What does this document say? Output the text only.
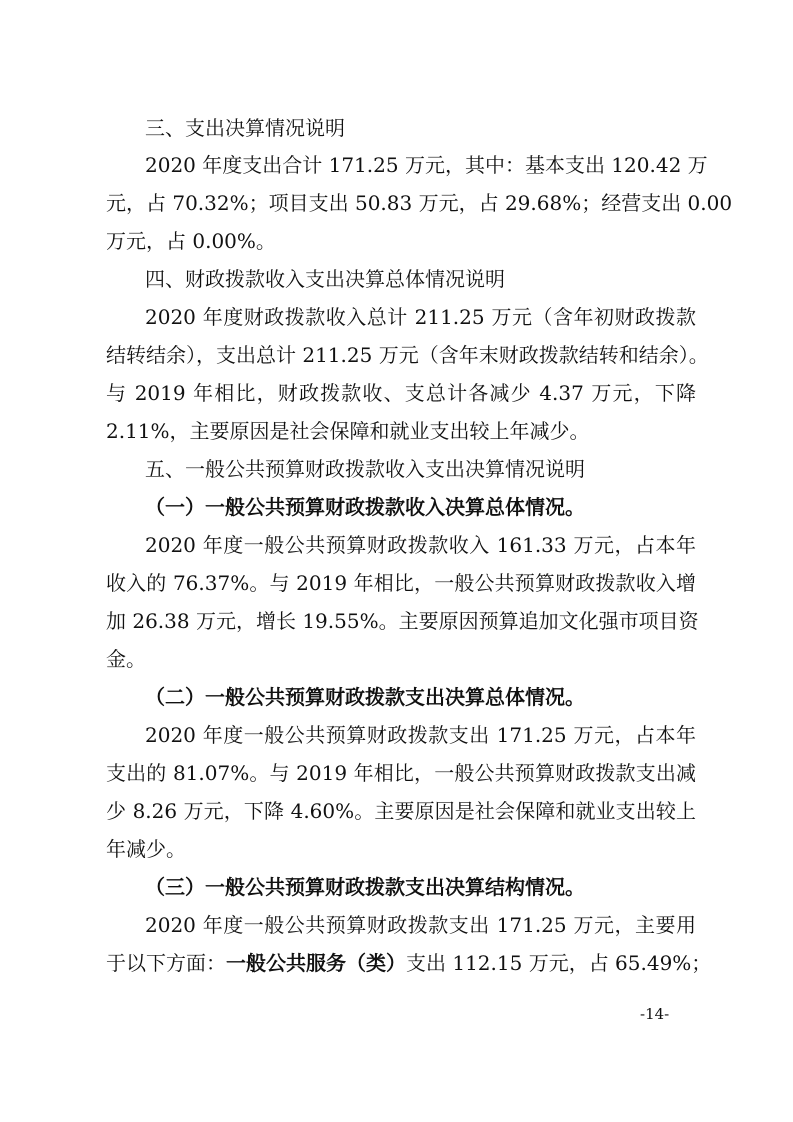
三、支出决算情况说明
2020 年度支出合计 171.25 万元，其中：基本支出 120.42 万
元，占 70.32%；项目支出 50.83 万元，占 29.68%；经营支出 0.00
万元，占 0.00%。
四、财政拨款收入支出决算总体情况说明
2020 年度财政拨款收入总计 211.25 万元（含年初财政拨款
结转结余），支出总计 211.25 万元（含年末财政拨款结转和结余）。
与 2019 年相比，财政拨款收、支总计各减少 4.37 万元，下降
2.11%，主要原因是社会保障和就业支出较上年减少。
五、一般公共预算财政拨款收入支出决算情况说明
（一）一般公共预算财政拨款收入决算总体情况。
2020 年度一般公共预算财政拨款收入 161.33 万元，占本年
收入的 76.37%。与 2019 年相比，一般公共预算财政拨款收入增
加 26.38 万元，增长 19.55%。主要原因预算追加文化强市项目资
金。
（二）一般公共预算财政拨款支出决算总体情况。
2020 年度一般公共预算财政拨款支出 171.25 万元，占本年
支出的 81.07%。与 2019 年相比，一般公共预算财政拨款支出减
少 8.26 万元，下降 4.60%。主要原因是社会保障和就业支出较上
年减少。
（三）一般公共预算财政拨款支出决算结构情况。
2020 年度一般公共预算财政拨款支出 171.25 万元，主要用
于以下方面：一般公共服务（类）支出 112.15 万元，占 65.49%；
-14-
